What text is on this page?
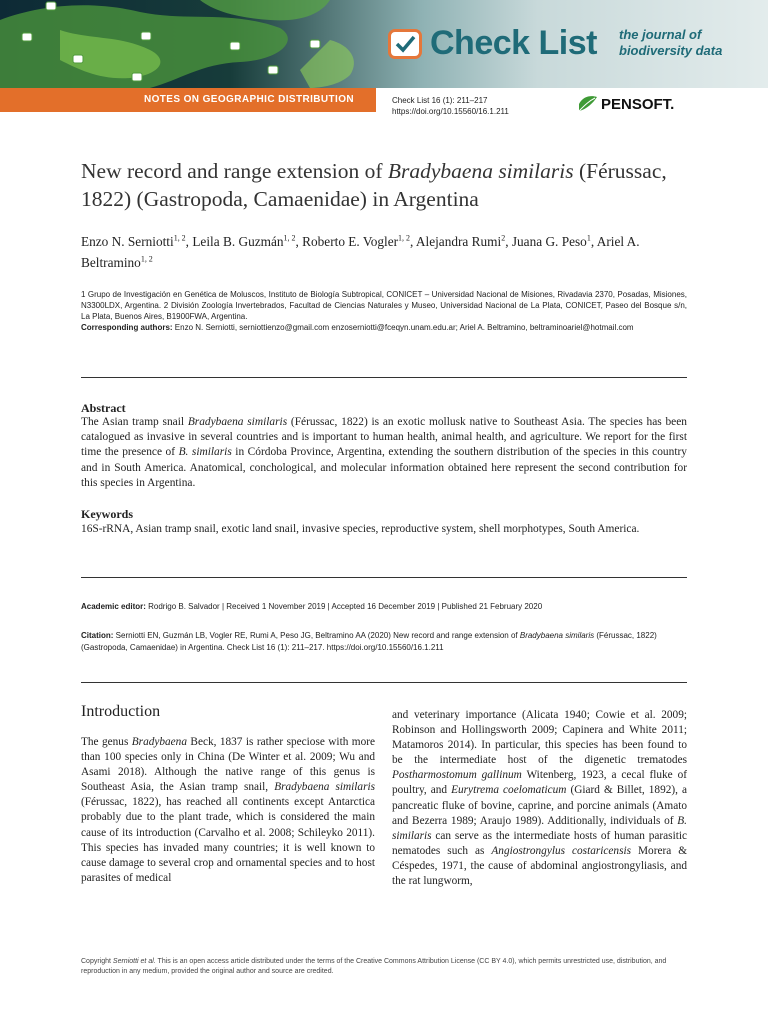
Check List the journal of
biodiversity data
NOTES ON GEOGRAPHIC DISTRIBUTION	Check List 16 (1): 211–217
https://doi.org/10.15560/16.1.211	PENSOFT.
New record and range extension of Bradybaena similaris (Férussac, 1822) (Gastropoda, Camaenidae) in Argentina
Enzo N. Serniotti$^{1, 2}$, Leila B. Guzmán$^{1, 2}$, Roberto E. Vogler$^{1, 2}$, Alejandra Rumi$^2$, Juana G. Peso$^1$, Ariel A. Beltramino$^{1, 2}$
1 Grupo de Investigación en Genética de Moluscos, Instituto de Biología Subtropical, CONICET – Universidad Nacional de Misiones, Rivadavia 2370, Posadas, Misiones, N3300LDX, Argentina. 2 División Zoología Invertebrados, Facultad de Ciencias Naturales y Museo, Universidad Nacional de La Plata, CONICET, Paseo del Bosque s/n, La Plata, Buenos Aires, B1900FWA, Argentina.
Corresponding authors: Enzo N. Serniotti, serniottienzo@gmail.com enzoserniotti@fceqyn.unam.edu.ar; Ariel A. Beltramino, beltraminoariel@hotmail.com
Abstract
The Asian tramp snail Bradybaena similaris (Férussac, 1822) is an exotic mollusk native to Southeast Asia. The species has been catalogued as invasive in several countries and is important to human health, animal health, and agriculture. We report for the first time the presence of B. similaris in Córdoba Province, Argentina, extending the southern distribution of the species in this country and in South America. Anatomical, conchological, and molecular information obtained here represent the second contribution for this species in Argentina.
Keywords
16S-rRNA, Asian tramp snail, exotic land snail, invasive species, reproductive system, shell morphotypes, South America.
Academic editor: Rodrigo B. Salvador | Received 1 November 2019 | Accepted 16 December 2019 | Published 21 February 2020
Citation: Serniotti EN, Guzmán LB, Vogler RE, Rumi A, Peso JG, Beltramino AA (2020) New record and range extension of Bradybaena similaris (Férussac, 1822) (Gastropoda, Camaenidae) in Argentina. Check List 16 (1): 211–217. https://doi.org/10.15560/16.1.211
Introduction
The genus Bradybaena Beck, 1837 is rather speciose with more than 100 species only in China (De Winter et al. 2009; Wu and Asami 2018). Although the native range of this genus is Southeast Asia, the Asian tramp snail, Bradybaena similaris (Férussac, 1822), has reached all continents except Antarctica probably due to the plant trade, which is considered the main cause of its introduction (Carvalho et al. 2008; Schileyko 2011). This species has invaded many countries; it is well known to cause damage to several crop and ornamental species and to host parasites of medical
and veterinary importance (Alicata 1940; Cowie et al. 2009; Robinson and Hollingsworth 2009; Capinera and White 2011; Matamoros 2014). In particular, this species has been found to be the intermediate host of the digenetic trematodes Postharmostomum gallinum Witenberg, 1923, a cecal fluke of poultry, and Eurytrema coelomaticum (Giard & Billet, 1892), a pancreatic fluke of bovine, caprine, and porcine animals (Amato and Bezerra 1989; Araujo 1989). Additionally, individuals of B. similaris can serve as the intermediate hosts of human parasitic nematodes such as Angiostrongylus costaricensis Morera & Céspedes, 1971, the cause of abdominal angiostrongyliasis, and the rat lungworm,
Copyright Serniotti et al. This is an open access article distributed under the terms of the Creative Commons Attribution License (CC BY 4.0), which permits unrestricted use, distribution, and reproduction in any medium, provided the original author and source are credited.
